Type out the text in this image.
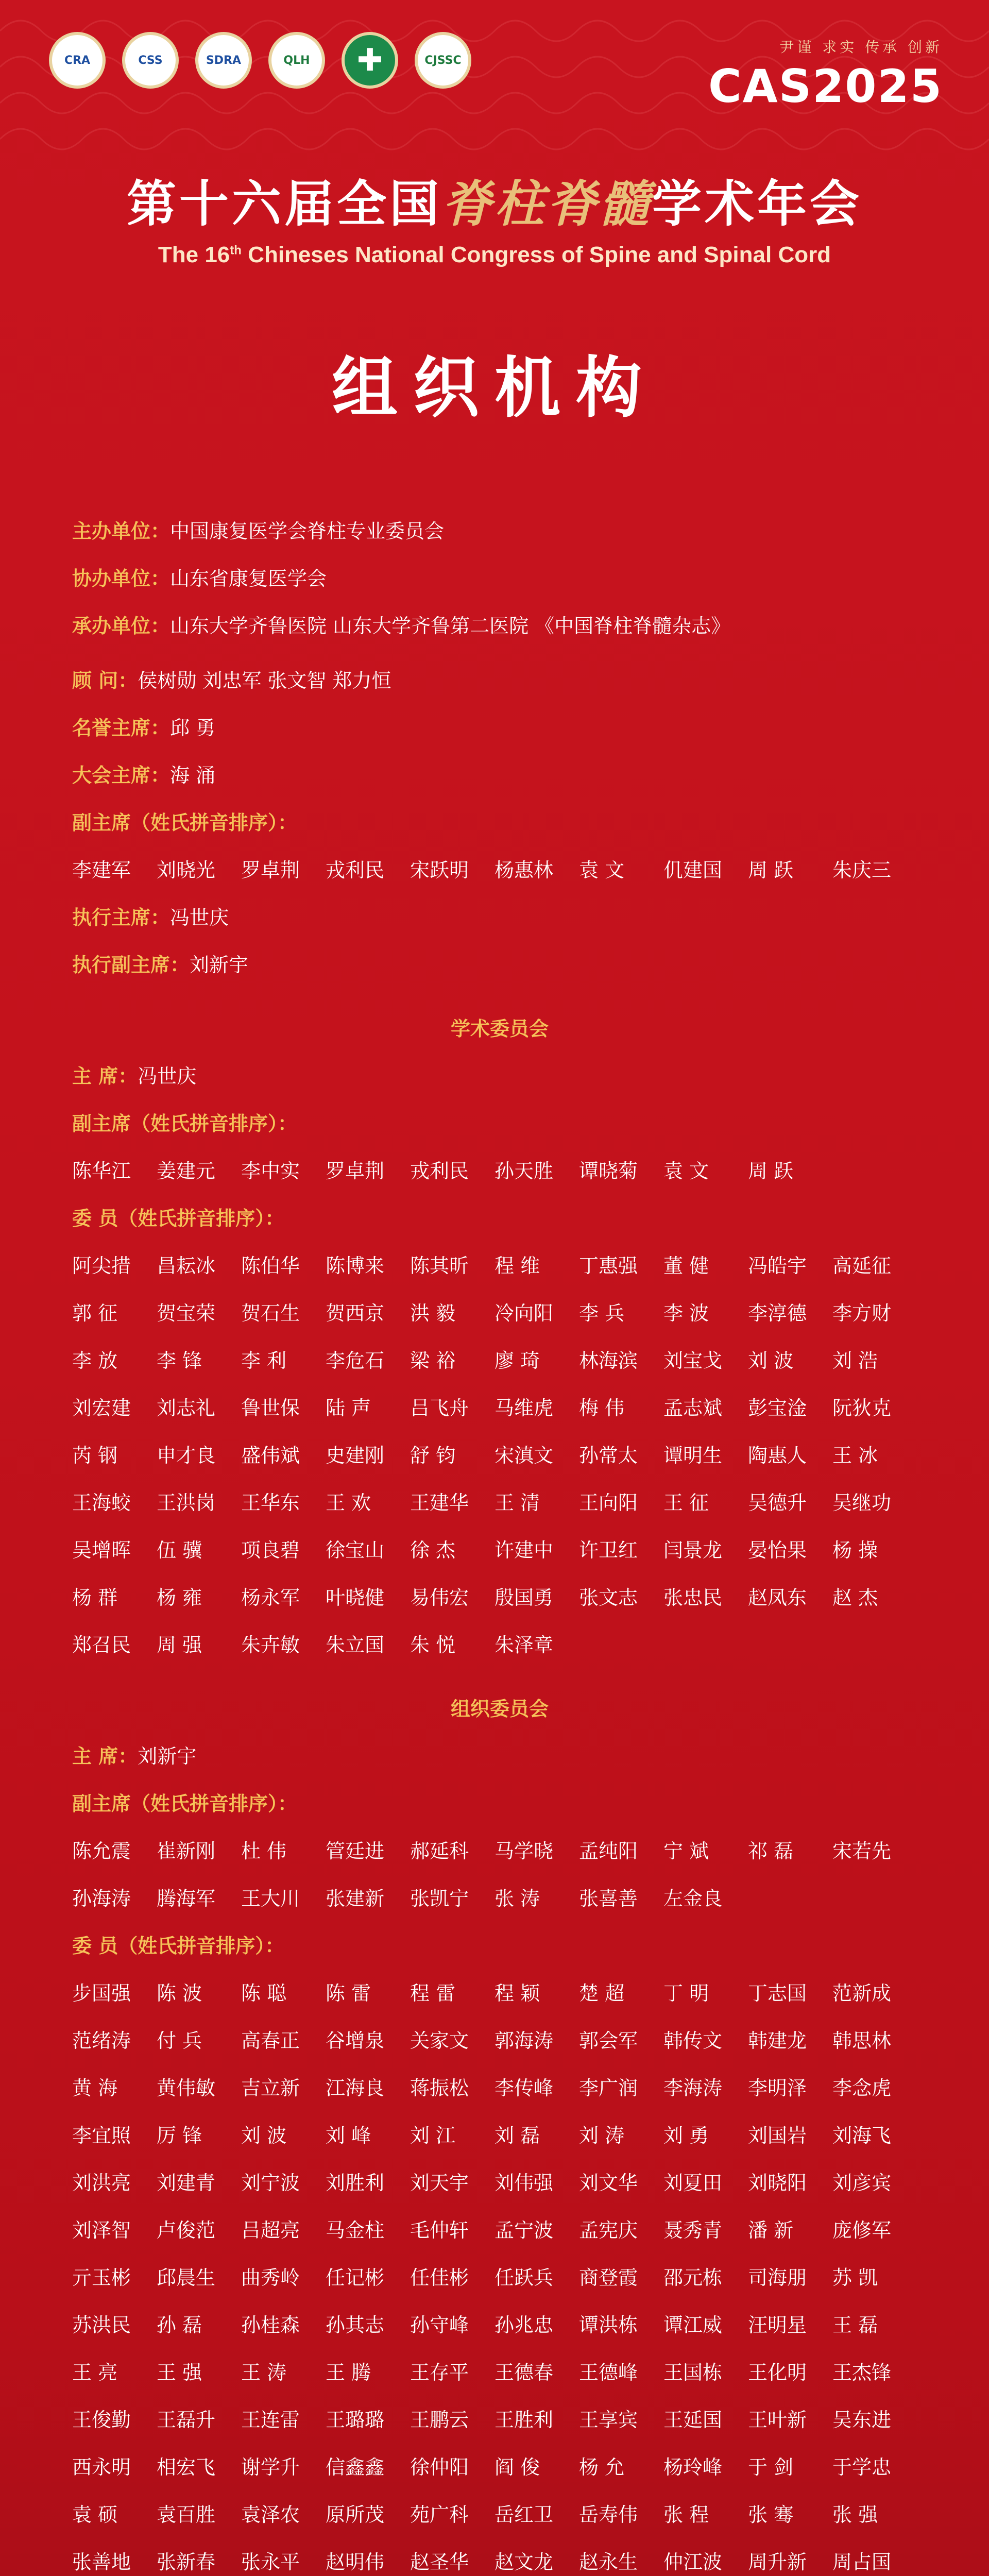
CRA	CSS	SDRA	QLH ✚	CJSSC
尹谨 求实 传承 创新
CAS2025
第十六届全国脊柱脊髓学术年会
The 16th Chineses National Congress of Spine and Spinal Cord
组织机构
主办单位：中国康复医学会脊柱专业委员会
协办单位：山东省康复医学会
承办单位：山东大学齐鲁医院 山东大学齐鲁第二医院 《中国脊柱脊髓杂志》
顾 问：侯树勋 刘忠军 张文智 郑力恒
名誉主席：邱 勇
大会主席：海 涌
副主席（姓氏拼音排序）：
李建军	刘晓光	罗卓荆	戎利民	宋跃明	杨惠林	袁 文	仉建国	周 跃	朱庆三
执行主席：冯世庆
执行副主席：刘新宇
学术委员会
主 席：冯世庆
副主席（姓氏拼音排序）：
陈华江	姜建元	李中实	罗卓荆	戎利民	孙天胜	谭晓菊	袁 文	周 跃
委 员（姓氏拼音排序）：
阿尖措	昌耘冰	陈伯华	陈博来	陈其昕	程 维	丁惠强	董 健	冯皓宇	高延征
郭 征	贺宝荣	贺石生	贺西京	洪 毅	冷向阳	李 兵	李 波	李淳德	李方财
李 放	李 锋	李 利	李危石	梁 裕	廖 琦	林海滨	刘宝戈	刘 波	刘 浩
刘宏建	刘志礼	鲁世保	陆 声	吕飞舟	马维虎	梅 伟	孟志斌	彭宝淦	阮狄克
芮 钢	申才良	盛伟斌	史建刚	舒 钧	宋滇文	孙常太	谭明生	陶惠人	王 冰
王海蛟	王洪岗	王华东	王 欢	王建华	王 清	王向阳	王 征	吴德升	吴继功
吴增晖	伍 骥	项良碧	徐宝山	徐 杰	许建中	许卫红	闫景龙	晏怡果	杨 操
杨 群	杨 雍	杨永军	叶晓健	易伟宏	殷国勇	张文志	张忠民	赵凤东	赵 杰
郑召民	周 强	朱卉敏	朱立国	朱 悦	朱泽章
组织委员会
主 席：刘新宇
副主席（姓氏拼音排序）：
陈允震	崔新刚	杜 伟	管廷进	郝延科	马学晓	孟纯阳	宁 斌	祁 磊	宋若先
孙海涛	腾海军	王大川	张建新	张凯宁	张 涛	张喜善	左金良
委 员（姓氏拼音排序）：
步国强	陈 波	陈 聪	陈 雷	程 雷	程 颖	楚 超	丁 明	丁志国	范新成
范绪涛	付 兵	高春正	谷增泉	关家文	郭海涛	郭会军	韩传文	韩建龙	韩思林
黄 海	黄伟敏	吉立新	江海良	蒋振松	李传峰	李广润	李海涛	李明泽	李念虎
李宜照	厉 锋	刘 波	刘 峰	刘 江	刘 磊	刘 涛	刘 勇	刘国岩	刘海飞
刘洪亮	刘建青	刘宁波	刘胜利	刘天宇	刘伟强	刘文华	刘夏田	刘晓阳	刘彦宾
刘泽智	卢俊范	吕超亮	马金柱	毛仲轩	孟宁波	孟宪庆	聂秀青	潘 新	庞修军
亓玉彬	邱晨生	曲秀岭	任记彬	任佳彬	任跃兵	商登霞	邵元栋	司海朋	苏 凯
苏洪民	孙 磊	孙桂森	孙其志	孙守峰	孙兆忠	谭洪栋	谭江威	汪明星	王 磊
王 亮	王 强	王 涛	王 腾	王存平	王德春	王德峰	王国栋	王化明	王杰锋
王俊勤	王磊升	王连雷	王璐璐	王鹏云	王胜利	王享宾	王延国	王叶新	吴东进
西永明	相宏飞	谢学升	信鑫鑫	徐仲阳	阎 俊	杨 允	杨玲峰	于 剑	于学忠
袁 硕	袁百胜	袁泽农	原所茂	苑广科	岳红卫	岳寿伟	张 程	张 骞	张 强
张善地	张新春	张永平	赵明伟	赵圣华	赵文龙	赵永生	仲江波	周升新	周占国
